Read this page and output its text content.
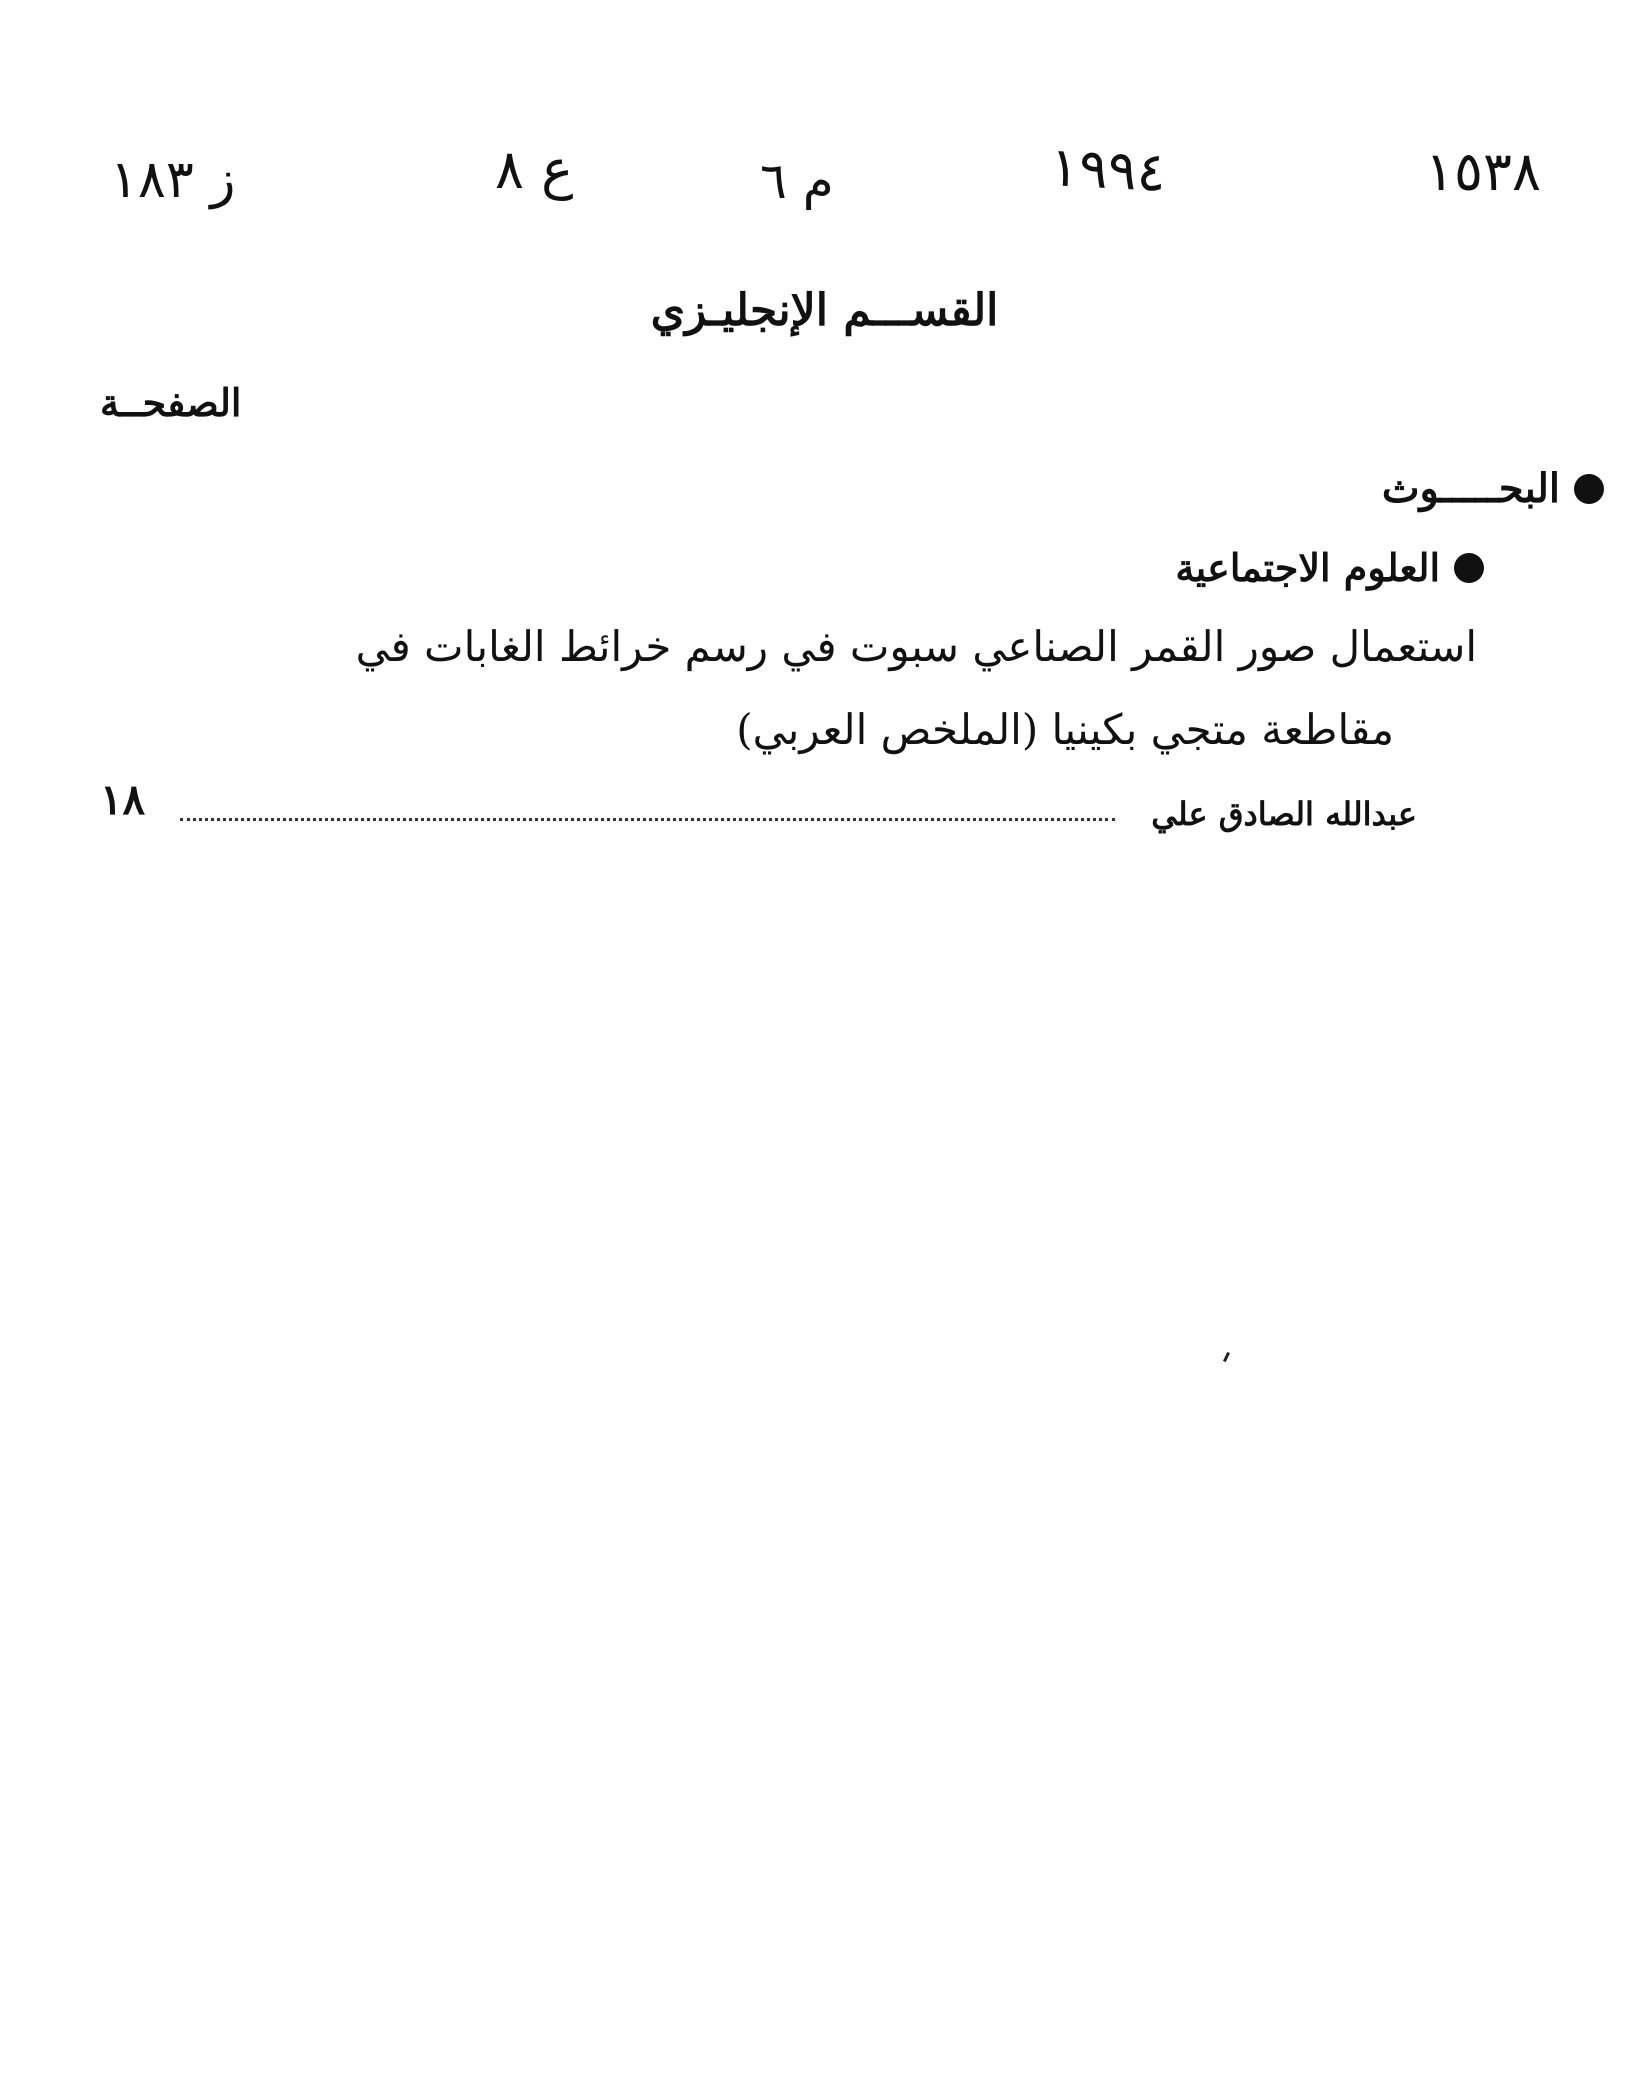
١٥٣٨
١٩٩٤
م ٦
ع ٨
ز ١٨٣
القســـم الإنجليـزي
الصفحــة
البحـــــوث
العلوم الاجتماعية
استعمال صور القمر الصناعي سبوت في رسم خرائط الغابات في
مقاطعة متجي بكينيا (الملخص العربي)
عبدالله الصادق علي
١٨
